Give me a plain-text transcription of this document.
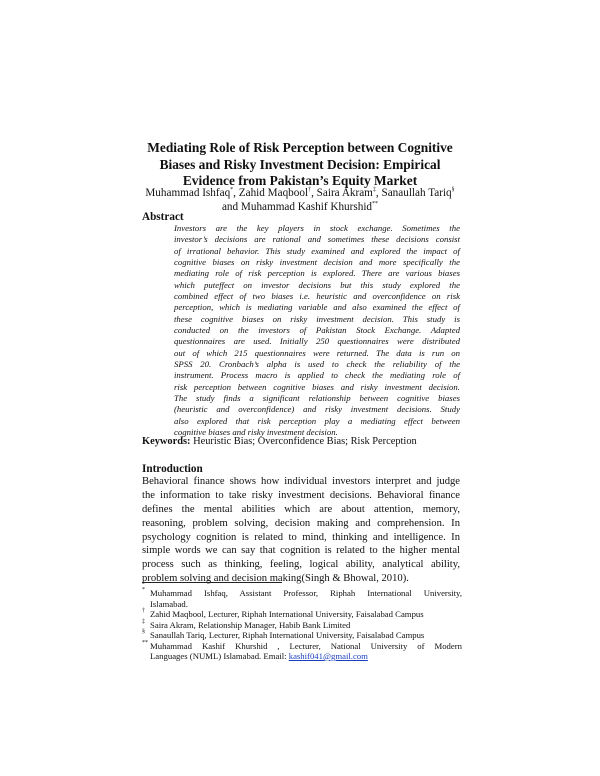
Mediating Role of Risk Perception between Cognitive
Biases and Risky Investment Decision: Empirical
Evidence from Pakistan’s Equity Market
Muhammad Ishfaq*, Zahid Maqbool†, Saira Akram‡, Sanaullah Tariq§
and Muhammad Kashif Khurshid**
Abstract
Investors are the key players in stock exchange. Sometimes the
investor’s decisions are rational and sometimes these decisions consist
of irrational behavior. This study examined and explored the impact of
cognitive biases on risky investment decision and more specifically the
mediating role of risk perception is explored. There are various biases
which puteffect on investor decisions but this study explored the
combined effect of two biases i.e. heuristic and overconfidence on risk
perception, which is mediating variable and also examined the effect of
these cognitive biases on risky investment decision. This study is
conducted on the investors of Pakistan Stock Exchange. Adapted
questionnaires are used. Initially 250 questionnaires were distributed
out of which 215 questionnaires were returned. The data is run on
SPSS 20. Cronbach’s alpha is used to check the reliability of the
instrument. Process macro is applied to check the mediating role of
risk perception between cognitive biases and risky investment decision.
The study finds a significant relationship between cognitive biases
(heuristic and overconfidence) and risky investment decisions. Study
also explored that risk perception play a mediating effect between
cognitive biases and risky investment decision.
Keywords: Heuristic Bias; Overconfidence Bias; Risk Perception
Introduction
Behavioral finance shows how individual investors interpret and judge
the information to take risky investment decisions. Behavioral finance
defines the mental abilities which are about attention, memory,
reasoning, problem solving, decision making and comprehension. In
psychology cognition is related to mind, thinking and intelligence. In
simple words we can say that cognition is related to the higher mental
process such as thinking, feeling, logical ability, analytical ability,
problem solving and decision making(Singh & Bhowal, 2010).
* Muhammad Ishfaq, Assistant Professor, Riphah International University,
Islamabad.
† Zahid Maqbool, Lecturer, Riphah International University, Faisalabad Campus
‡ Saira Akram, Relationship Manager, Habib Bank Limited
§ Sanaullah Tariq, Lecturer, Riphah International University, Faisalabad Campus
** Muhammad Kashif Khurshid , Lecturer, National University of Modern
Languages (NUML) Islamabad. Email: kashif041@gmail.com
